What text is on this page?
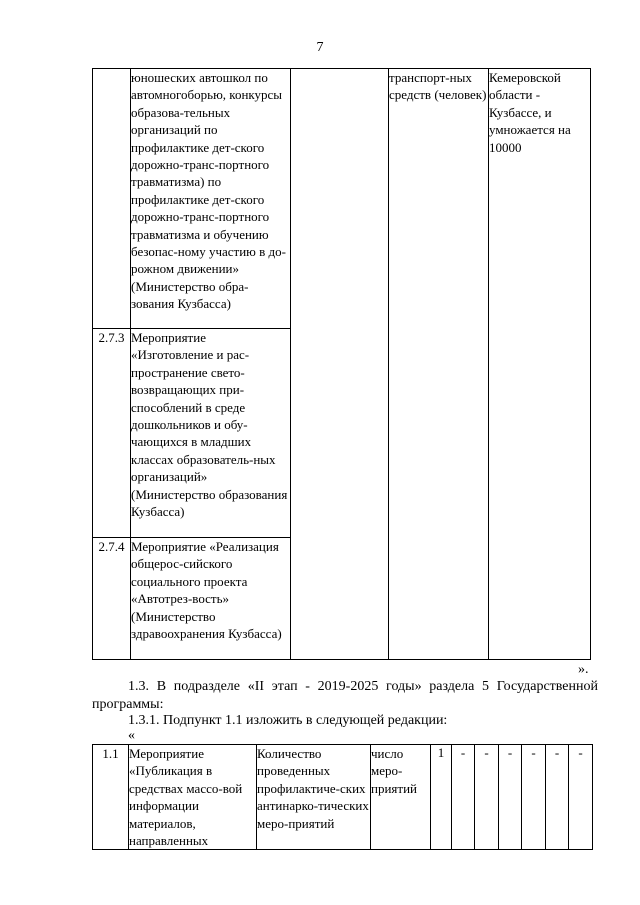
7
	юношеских автошкол по автомногоборью, конкурсы образова-тельных организаций по профилактике дет-ского дорожно-транс-портного травматизма) по профилактике дет-ского дорожно-транс-портного травматизма и обучению безопас-ному участию в до-рожном движении» (Министерство обра-зования Кузбасса)		транспорт-ных средств (человек)	Кемеровской области - Кузбассе, и умножается на 10000
2.7.3	Мероприятие «Изготовление и рас-пространение свето-возвращающих при-способлений в среде дошкольников и обу-чающихся в младших классах образователь-ных организаций» (Министерство образования Кузбасса)			
2.7.4	Мероприятие «Реализация общерос-сийского социального проекта «Автотрез-вость» (Министерство здравоохранения Кузбасса)			
».
1.3. В подразделе «II этап - 2019-2025 годы» раздела 5 Государственной программы:
1.3.1. Подпункт 1.1 изложить в следующей редакции:
«
1.1	Мероприятие «Публикация в средствах массо-вой информации материалов, направленных	Количество проведенных профилактиче-ских антинарко-тических меро-приятий	число меро-приятий	1	-	-	-	-	-	-
